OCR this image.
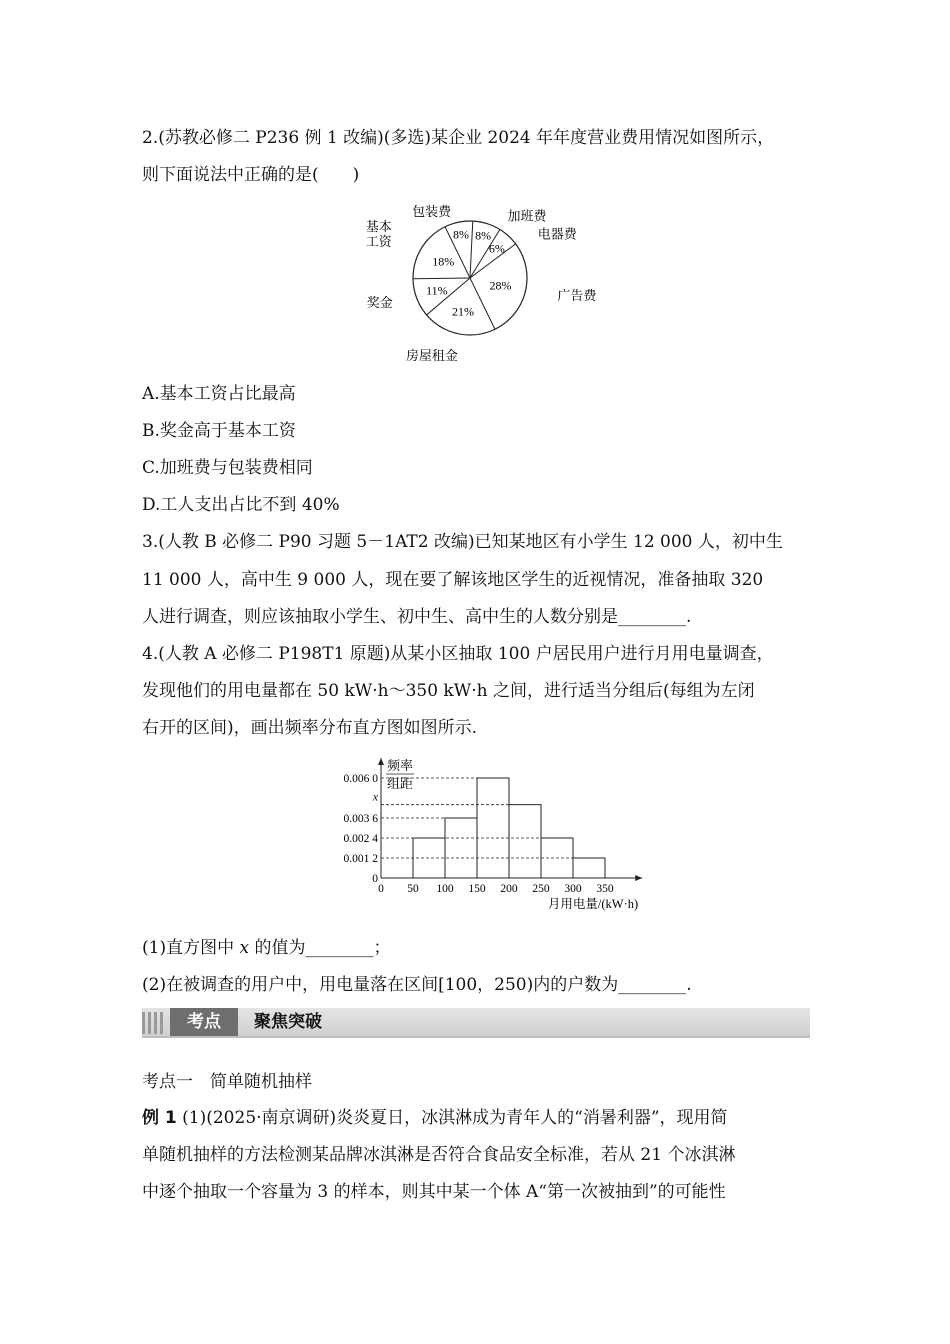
2.(苏教必修二 P236 例 1 改编)(多选)某企业 2024 年年度营业费用情况如图所示，
则下面说法中正确的是(　　)
8%
包装费
8%
加班费
6%
电器费
28%
广告费
21%
房屋租金
11%
奖金
18%
基本
工资
A.基本工资占比最高
B.奖金高于基本工资
C.加班费与包装费相同
D.工人支出占比不到 40%
3.(人教 B 必修二 P90 习题 5－1AT2 改编)已知某地区有小学生 12 000 人，初中生
11 000 人，高中生 9 000 人，现在要了解该地区学生的近视情况，准备抽取 320
人进行调查，则应该抽取小学生、初中生、高中生的人数分别是________.
4.(人教 A 必修二 P198T1 原题)从某小区抽取 100 户居民用户进行月用电量调查，
发现他们的用电量都在 50 kW·h～350 kW·h 之间，进行适当分组后(每组为左闭
右开的区间)，画出频率分布直方图如图所示.
频率
组距
0
0.001 2
0.002 4
0.003 6
x
0.006 0
0 50 100 150 200 250 300 350
月用电量/(kW·h)
(1)直方图中 x 的值为________；
(2)在被调查的用户中，用电量落在区间[100，250)内的户数为________.
考点	聚焦突破
考点一　简单随机抽样
例 1 (1)(2025·南京调研)炎炎夏日，冰淇淋成为青年人的“消暑利器”，现用简
单随机抽样的方法检测某品牌冰淇淋是否符合食品安全标准，若从 21 个冰淇淋
中逐个抽取一个容量为 3 的样本，则其中某一个体 A“第一次被抽到”的可能性
